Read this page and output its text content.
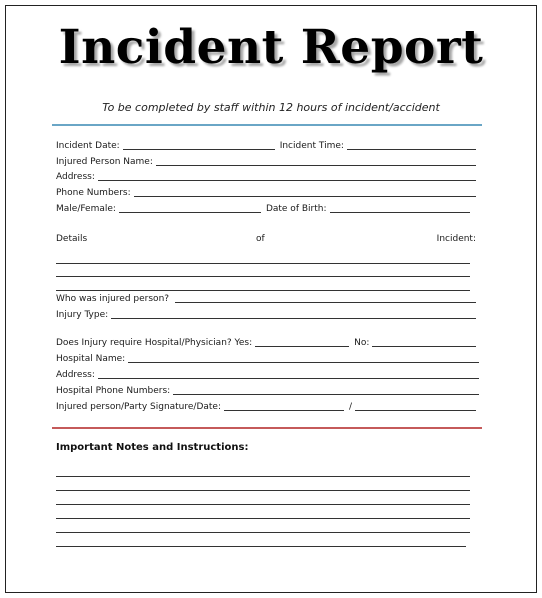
Incident Report
To be completed by staff within 12 hours of incident/accident
Incident Date:	Incident Time:
Injured Person Name:
Address:
Phone Numbers:
Male/Female:	Date of Birth:
Details	of	Incident:
Who was injured person?
Injury Type:
Does Injury require Hospital/Physician? Yes:	No:
Hospital Name:
Address:
Hospital Phone Numbers:
Injured person/Party Signature/Date:	/
Important Notes and Instructions:
